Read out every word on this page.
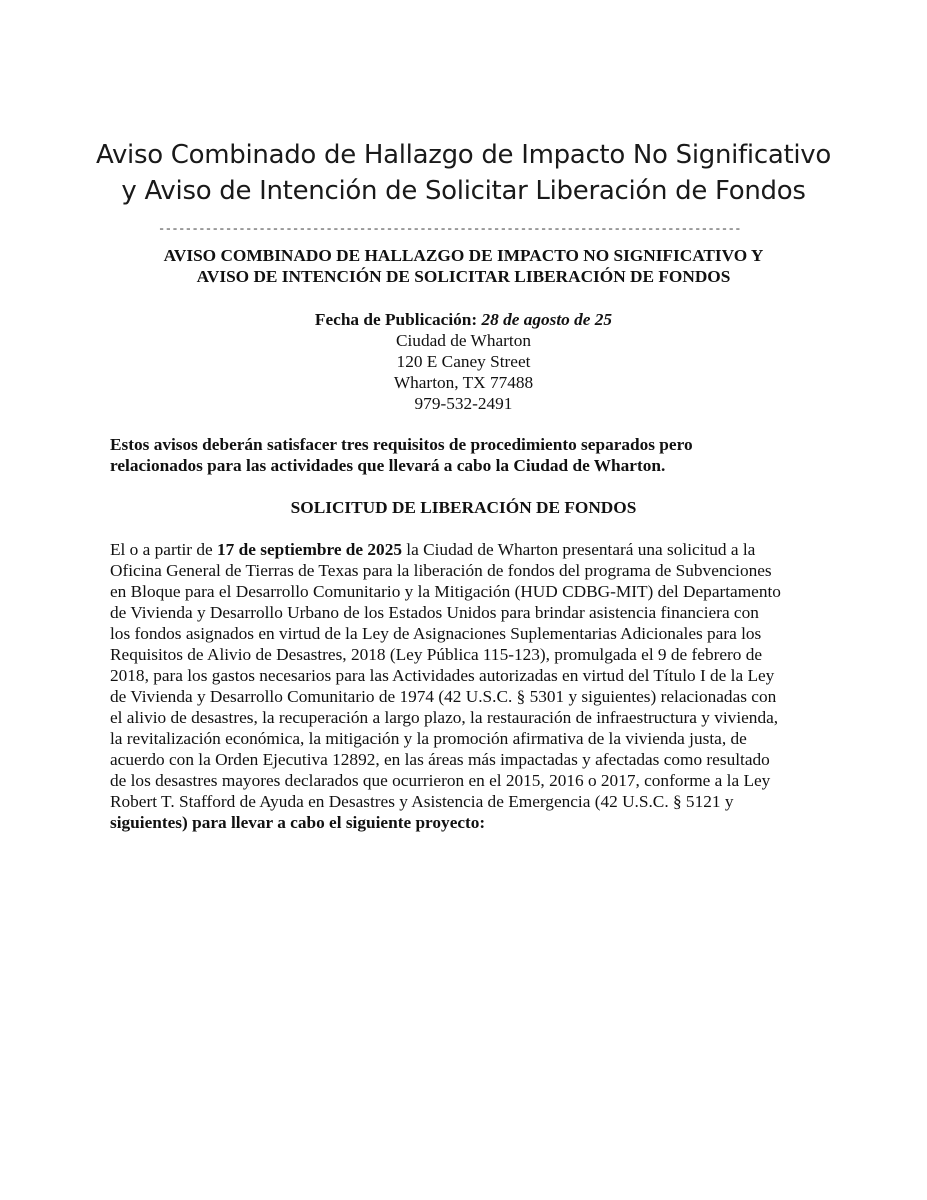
Aviso Combinado de Hallazgo de Impacto No Significativo
y Aviso de Intención de Solicitar Liberación de Fondos
---------------------------------------------------------------------------------------
AVISO COMBINADO DE HALLAZGO DE IMPACTO NO SIGNIFICATIVO Y
AVISO DE INTENCIÓN DE SOLICITAR LIBERACIÓN DE FONDOS
Fecha de Publicación: 28 de agosto de 25
Ciudad de Wharton
120 E Caney Street
Wharton, TX 77488
979-532-2491
Estos avisos deberán satisfacer tres requisitos de procedimiento separados pero
relacionados para las actividades que llevará a cabo la Ciudad de Wharton.
SOLICITUD DE LIBERACIÓN DE FONDOS
El o a partir de 17 de septiembre de 2025 la Ciudad de Wharton presentará una solicitud a la
Oficina General de Tierras de Texas para la liberación de fondos del programa de Subvenciones
en Bloque para el Desarrollo Comunitario y la Mitigación (HUD CDBG-MIT) del Departamento
de Vivienda y Desarrollo Urbano de los Estados Unidos para brindar asistencia financiera con
los fondos asignados en virtud de la Ley de Asignaciones Suplementarias Adicionales para los
Requisitos de Alivio de Desastres, 2018 (Ley Pública 115-123), promulgada el 9 de febrero de
2018, para los gastos necesarios para las Actividades autorizadas en virtud del Título I de la Ley
de Vivienda y Desarrollo Comunitario de 1974 (42 U.S.C. § 5301 y siguientes) relacionadas con
el alivio de desastres, la recuperación a largo plazo, la restauración de infraestructura y vivienda,
la revitalización económica, la mitigación y la promoción afirmativa de la vivienda justa, de
acuerdo con la Orden Ejecutiva 12892, en las áreas más impactadas y afectadas como resultado
de los desastres mayores declarados que ocurrieron en el 2015, 2016 o 2017, conforme a la Ley
Robert T. Stafford de Ayuda en Desastres y Asistencia de Emergencia (42 U.S.C. § 5121 y
siguientes) para llevar a cabo el siguiente proyecto:
